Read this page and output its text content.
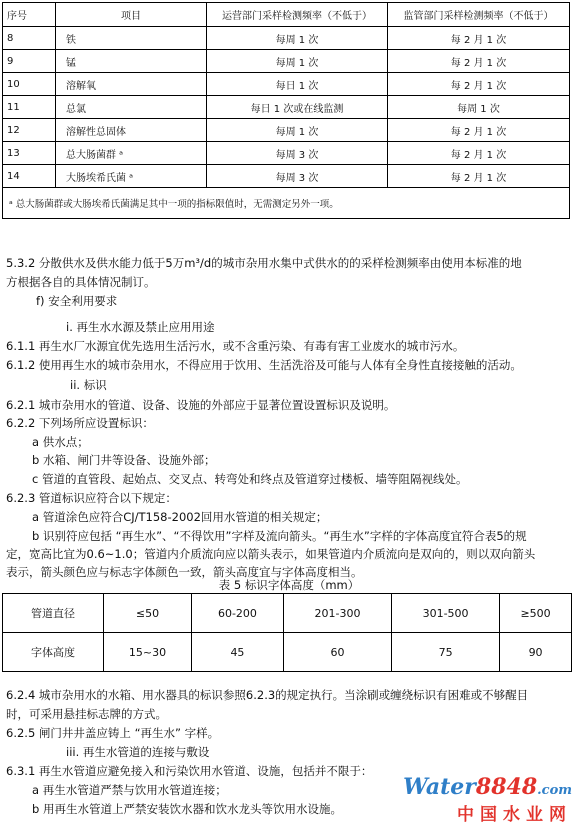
序号	项目	运营部门采样检测频率（不低于）	监管部门采样检测频率（不低于）
8	铁	每周 1 次	每 2 月 1 次
9	锰	每周 1 次	每 2 月 1 次
10	溶解氧	每日 1 次	每 2 月 1 次
11	总氯	每日 1 次或在线监测	每周 1 次
12	溶解性总固体	每周 1 次	每 2 月 1 次
13	总大肠菌群 ᵃ	每周 3 次	每 2 月 1 次
14	大肠埃希氏菌 ᵃ	每周 3 次	每 2 月 1 次
ᵃ 总大肠菌群或大肠埃希氏菌满足其中一项的指标限值时，无需测定另外一项。			
5.3.2 分散供水及供水能力低于5万m³/d的城市杂用水集中式供水的的采样检测频率由使用本标准的地
方根据各自的具体情况制订。
f) 安全利用要求
i. 再生水水源及禁止应用用途
6.1.1 再生水厂水源宜优先选用生活污水，或不含重污染、有毒有害工业废水的城市污水。
6.1.2 使用再生水的城市杂用水，不得应用于饮用、生活洗浴及可能与人体有全身性直接接触的活动。
ii. 标识
6.2.1 城市杂用水的管道、设备、设施的外部应于显著位置设置标识及说明。
6.2.2 下列场所应设置标识：
a 供水点；
b 水箱、闸门井等设备、设施外部；
c 管道的直管段、起始点、交叉点、转弯处和终点及管道穿过楼板、墙等阻隔视线处。
6.2.3 管道标识应符合以下规定：
a 管道涂色应符合CJ/T158-2002回用水管道的相关规定；
b 识别符应包括 “再生水”、“不得饮用”字样及流向箭头。“再生水”字样的字体高度宜符合表5的规
定，宽高比宜为0.6~1.0；管道内介质流向应以箭头表示，如果管道内介质流向是双向的，则以双向箭头
表示，箭头颜色应与标志字体颜色一致，箭头高度宜与字体高度相当。
表 5 标识字体高度（mm）
管道直径	≤50	60-200	201-300	301-500	≥500
字体高度	15~30	45	60	75	90
6.2.4 城市杂用水的水箱、用水器具的标识参照6.2.3的规定执行。当涂刷或缠绕标识有困难或不够醒目
时，可采用悬挂标志牌的方式。
6.2.5 闸门井井盖应铸上 “再生水” 字样。
iii. 再生水管道的连接与敷设
6.3.1 再生水管道应避免接入和污染饮用水管道、设施，包括并不限于：
a 再生水管道严禁与饮用水管道连接；
b 用再生水管道上严禁安装饮水器和饮水龙头等饮用水设施。
Water8848.com
中国水业网
